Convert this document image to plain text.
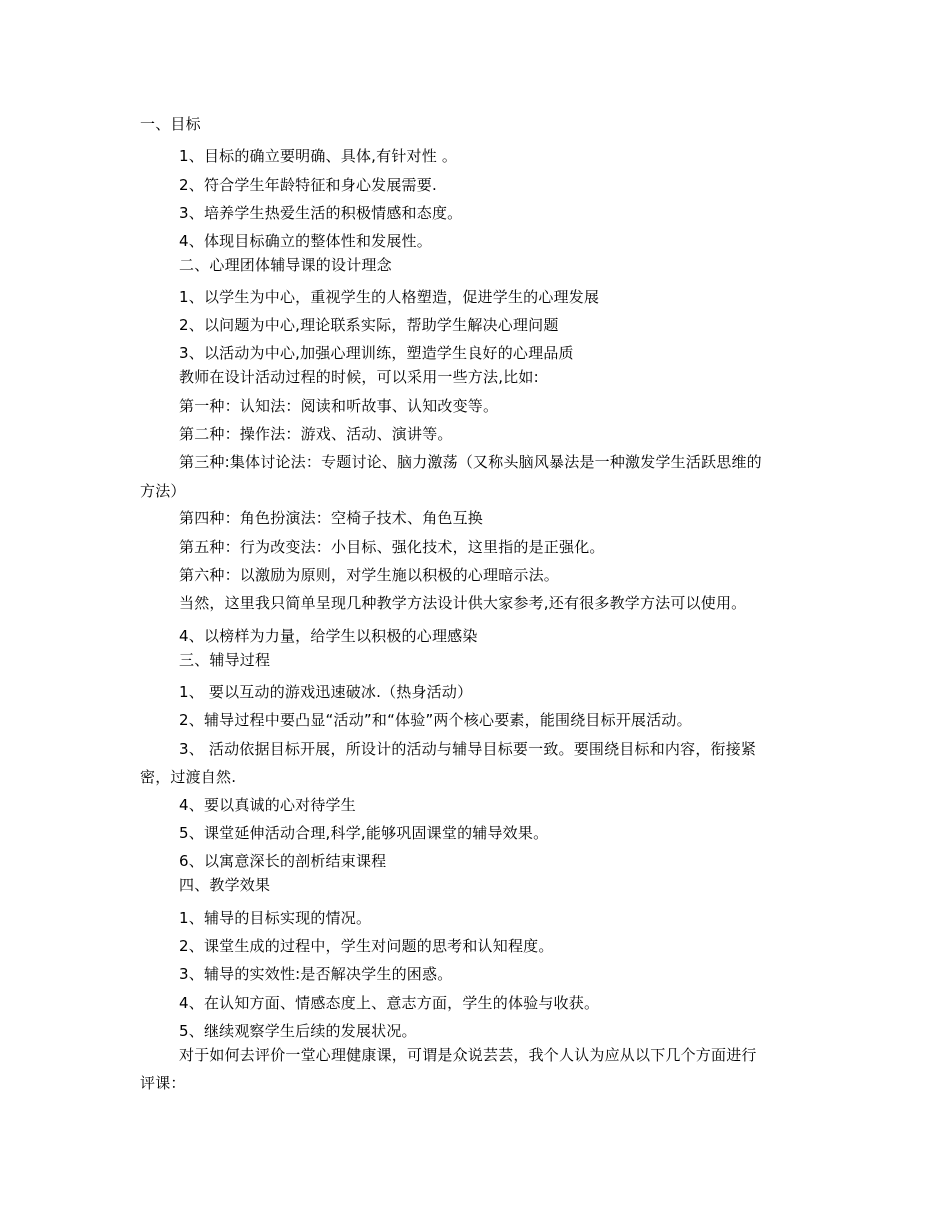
一、目标
1、目标的确立要明确、具体,有针对性 。
2、符合学生年龄特征和身心发展需要.
3、培养学生热爱生活的积极情感和态度。
4、体现目标确立的整体性和发展性。
二、心理团体辅导课的设计理念
1、以学生为中心，重视学生的人格塑造，促进学生的心理发展
2、以问题为中心,理论联系实际，帮助学生解决心理问题
3、以活动为中心,加强心理训练，塑造学生良好的心理品质
教师在设计活动过程的时候，可以采用一些方法,比如:
第一种：认知法：阅读和听故事、认知改变等。
第二种：操作法：游戏、活动、演讲等。
第三种:集体讨论法：专题讨论、脑力激荡（又称头脑风暴法是一种激发学生活跃思维的
方法）
第四种：角色扮演法：空椅子技术、角色互换
第五种：行为改变法：小目标、强化技术，这里指的是正强化。
第六种：以激励为原则，对学生施以积极的心理暗示法。
当然，这里我只简单呈现几种教学方法设计供大家参考,还有很多教学方法可以使用。
4、以榜样为力量，给学生以积极的心理感染
三、辅导过程
1、 要以互动的游戏迅速破冰.（热身活动）
2、辅导过程中要凸显“活动”和“体验”两个核心要素，能围绕目标开展活动。
3、 活动依据目标开展，所设计的活动与辅导目标要一致。要围绕目标和内容，衔接紧
密，过渡自然.
4、要以真诚的心对待学生
5、课堂延伸活动合理,科学,能够巩固课堂的辅导效果。
6、以寓意深长的剖析结束课程
四、教学效果
1、辅导的目标实现的情况。
2、课堂生成的过程中，学生对问题的思考和认知程度。
3、辅导的实效性:是否解决学生的困惑。
4、在认知方面、情感态度上、意志方面，学生的体验与收获。
5、继续观察学生后续的发展状况。
对于如何去评价一堂心理健康课，可谓是众说芸芸，我个人认为应从以下几个方面进行
评课：
